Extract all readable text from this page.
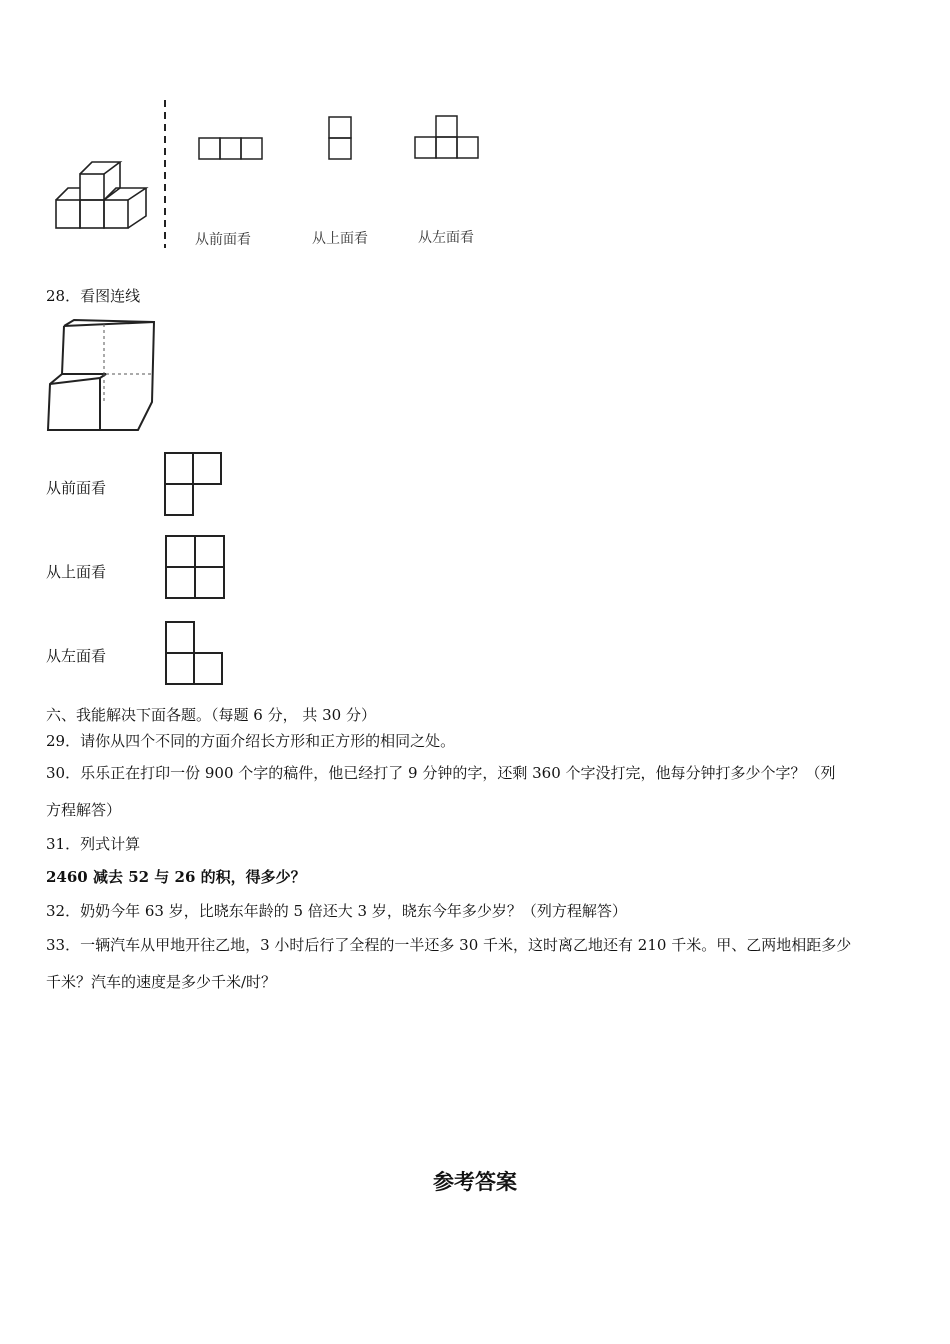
从前面看	从上面看	从左面看
28．看图连线
从前面看
从上面看
从左面看
六、我能解决下面各题。（每题 6 分， 共 30 分）
29．请你从四个不同的方面介绍长方形和正方形的相同之处。
30．乐乐正在打印一份 900 个字的稿件，他已经打了 9 分钟的字，还剩 360 个字没打完，他每分钟打多少个字？（列
方程解答）
31．列式计算
2460 减去 52 与 26 的积，得多少？
32．奶奶今年 63 岁，比晓东年龄的 5 倍还大 3 岁，晓东今年多少岁？（列方程解答）
33．一辆汽车从甲地开往乙地，3 小时后行了全程的一半还多 30 千米，这时离乙地还有 210 千米。甲、乙两地相距多少
千米？汽车的速度是多少千米/时？
参考答案
